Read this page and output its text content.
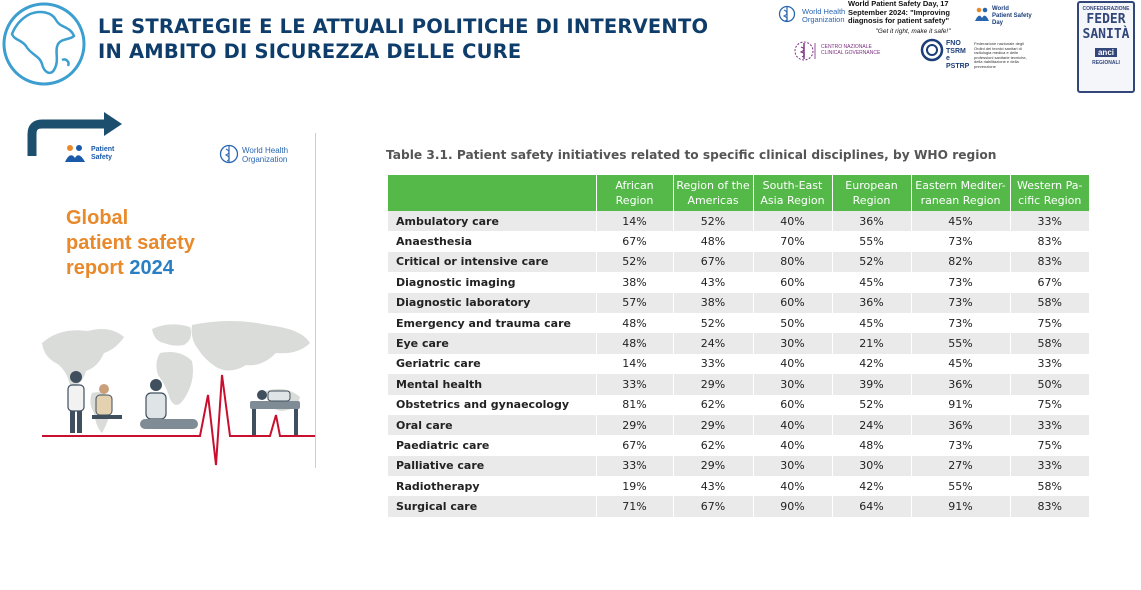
LE STRATEGIE E LE ATTUALI POLITICHE DI INTERVENTO
IN AMBITO DI SICUREZZA DELLE CURE
World Health
Organization
World Patient Safety Day, 17
September 2024: "Improving
diagnosis for patient safety"
"Get it right, make it safe!"
World
Patient Safety
Day
CENTRO NAZIONALE
CLINICAL GOVERNANCE
FNO
TSRM e
PSTRP
Federazione nazionale degli Ordini dei tecnici sanitari di radiologia medica e delle professioni sanitarie tecniche, della riabilitazione e della prevenzione
CONFEDERAZIONE
FEDER
SANITÀ
anci
REGIONALI
Patient
Safety
World Health
Organization
Global
patient safety
report 2024
Table 3.1. Patient safety initiatives related to specific clinical disciplines, by WHO region
	African Region	Region of the Americas	South-East Asia Region	European Region	Eastern Mediter-ranean Region	Western Pa-cific Region
Ambulatory care	14%	52%	40%	36%	45%	33%
Anaesthesia	67%	48%	70%	55%	73%	83%
Critical or intensive care	52%	67%	80%	52%	82%	83%
Diagnostic imaging	38%	43%	60%	45%	73%	67%
Diagnostic laboratory	57%	38%	60%	36%	73%	58%
Emergency and trauma care	48%	52%	50%	45%	73%	75%
Eye care	48%	24%	30%	21%	55%	58%
Geriatric care	14%	33%	40%	42%	45%	33%
Mental health	33%	29%	30%	39%	36%	50%
Obstetrics and gynaecology	81%	62%	60%	52%	91%	75%
Oral care	29%	29%	40%	24%	36%	33%
Paediatric care	67%	62%	40%	48%	73%	75%
Palliative care	33%	29%	30%	30%	27%	33%
Radiotherapy	19%	43%	40%	42%	55%	58%
Surgical care	71%	67%	90%	64%	91%	83%
